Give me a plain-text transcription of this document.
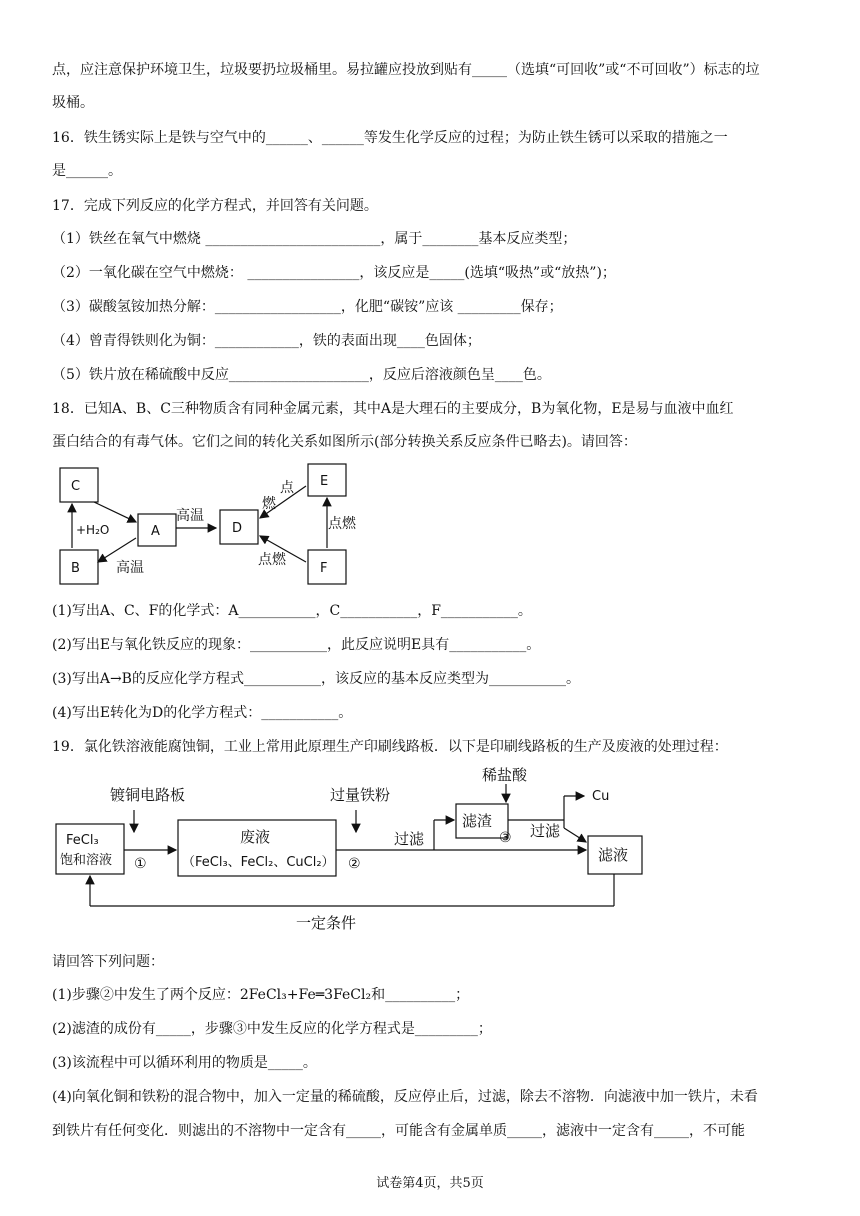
点，应注意保护环境卫生，垃圾要扔垃圾桶里。易拉罐应投放到贴有_____（选填“可回收”或“不可回收”）标志的垃
圾桶。
16．铁生锈实际上是铁与空气中的______、______等发生化学反应的过程；为防止铁生锈可以采取的措施之一
是______。
17．完成下列反应的化学方程式，并回答有关问题。
（1）铁丝在氧气中燃烧 _________________________，属于________基本反应类型；
（2）一氧化碳在空气中燃烧： ________________，该反应是_____(选填“吸热”或“放热”)；
（3）碳酸氢铵加热分解：__________________，化肥“碳铵”应该 _________保存；
（4）曾青得铁则化为铜：____________，铁的表面出现____色固体；
（5）铁片放在稀硫酸中反应____________________，反应后溶液颜色呈____色。
18．已知A、B、C三种物质含有同种金属元素，其中A是大理石的主要成分，B为氧化物，E是易与血液中血红
蛋白结合的有毒气体。它们之间的转化关系如图所示(部分转换关系反应条件已略去)。请回答：
C
B
A	D
E
F
+H₂O
高温
高温
点
燃
点燃
点燃
(1)写出A、C、F的化学式：A___________，C___________，F___________。
(2)写出E与氧化铁反应的现象：___________，此反应说明E具有___________。
(3)写出A→B的反应化学方程式___________，该反应的基本反应类型为___________。
(4)写出E转化为D的化学方程式：___________。
19．氯化铁溶液能腐蚀铜，工业上常用此原理生产印刷线路板．以下是印刷线路板的生产及废液的处理过程：
FeCl₃
饱和溶液
镀铜电路板
①
废液
（FeCl₃、FeCl₂、CuCl₂）
过量铁粉
②
过滤
滤渣
稀盐酸
③ 过滤
Cu
滤液
一定条件
请回答下列问题：
(1)步骤②中发生了两个反应：2FeCl₃+Fe═3FeCl₂和__________；
(2)滤渣的成份有_____，步骤③中发生反应的化学方程式是_________；
(3)该流程中可以循环利用的物质是_____。
(4)向氧化铜和铁粉的混合物中，加入一定量的稀硫酸，反应停止后，过滤，除去不溶物．向滤液中加一铁片，未看
到铁片有任何变化．则滤出的不溶物中一定含有_____，可能含有金属单质_____，滤液中一定含有_____，不可能
试卷第4页，共5页
